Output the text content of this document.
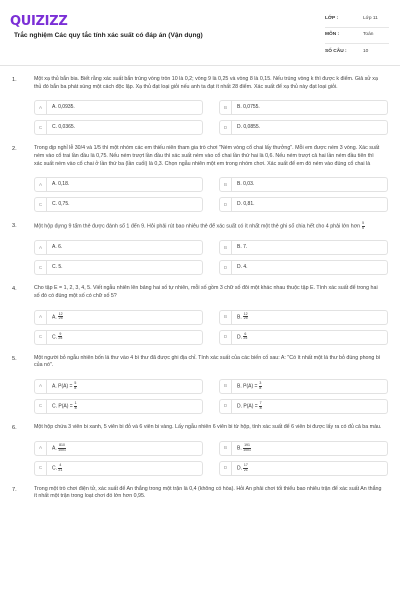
QUIZIZZ
Trắc nghiệm Các quy tắc tính xác suất có đáp án (Vận dụng)
LỚP :	Lớp 11
MÔN :	Toán
SỐ CÂU :	10
1.	Một xạ thủ bắn bia. Biết rằng xác suất bắn trúng vòng tròn 10 là 0,2; vòng 9 là 0,25 và vòng 8 là 0,15. Nếu trúng vòng k thì được k điểm. Giả sử xạ thủ đó bắn ba phát súng một cách độc lập. Xạ thủ đạt loại giỏi nếu anh ta đạt ít nhất 28 điểm. Xác suất để xạ thủ này đạt loại giỏi.
A	A. 0,0935.	B	B. 0,0755.
C	C. 0,0365.	D	D. 0,0855.
2.	Trong dịp nghỉ lễ 30/4 và 1/5 thì một nhóm các em thiếu niên tham gia trò chơi "Ném vòng cổ chai lấy thưởng". Mỗi em được ném 3 vòng. Xác suất ném vào cổ trai lần đầu là 0,75. Nếu ném trượt lần đầu thì xác suất ném vào cổ chai lần thứ hai là 0,6. Nếu ném trượt cả hai lần ném đầu tiên thì xác suất ném vào cổ chai ở lần thứ ba (lần cuối) là 0,3. Chọn ngẫu nhiên một em trong nhóm chơi. Xác suất để em đó ném vào đúng cổ chai là
A	A. 0,18.	B	B. 0,03.
C	C. 0,75.	D	D. 0,81.
3.	Một hộp đựng 9 tấm thẻ được đánh số 1 đến 9. Hỏi phải rút bao nhiêu thẻ để xác suất có ít nhất một thẻ ghi số chia hết cho 4 phải lớn hơn $\frac{5}{6}$
A	A. 6.	B	B. 7.
C	C. 5.	D	D. 4.
4.	Cho tập E = 1, 2, 3, 4, 5. Viết ngẫu nhiên lên bảng hai số tự nhiên, mỗi số gồm 3 chữ số đôi một khác nhau thuộc tập E. Tính xác suất để trong hai số đó có đúng một số có chữ số 5?
A	A. $\frac{12}{25}$	B	B. $\frac{12}{25}$
C	C. $\frac{9}{25}$	D	D. $\frac{6}{25}$
5.	Một người bỏ ngẫu nhiên bốn lá thư vào 4 bì thư đã được ghi địa chỉ. Tính xác suất của các biến cố sau: A: "Có ít nhất một lá thư bỏ đúng phong bì của nó".
A	A. $P(A) = \frac{5}{8}$	B	B. $P(A) = \frac{3}{8}$
C	C. $P(A) = \frac{1}{8}$	D	D. $P(A) = \frac{7}{8}$
6.	Một hộp chứa 3 viên bi xanh, 5 viên bi đỏ và 6 viên bi vàng. Lấy ngẫu nhiên 6 viên bi từ hộp, tính xác suất để 6 viên bi được lấy ra có đủ cả ba màu.
A	A. $\frac{810}{1001}$	B	B. $\frac{191}{1001}$
C	C. $\frac{4}{21}$	D	D. $\frac{17}{21}$
7.	Trong một trò chơi điện tử, xác suất để An thắng trong một trận là 0,4 (không có hòa). Hỏi An phải chơi tối thiểu bao nhiêu trận để xác suất An thắng ít nhất một trận trong loạt chơi đó lớn hơn 0,95.
